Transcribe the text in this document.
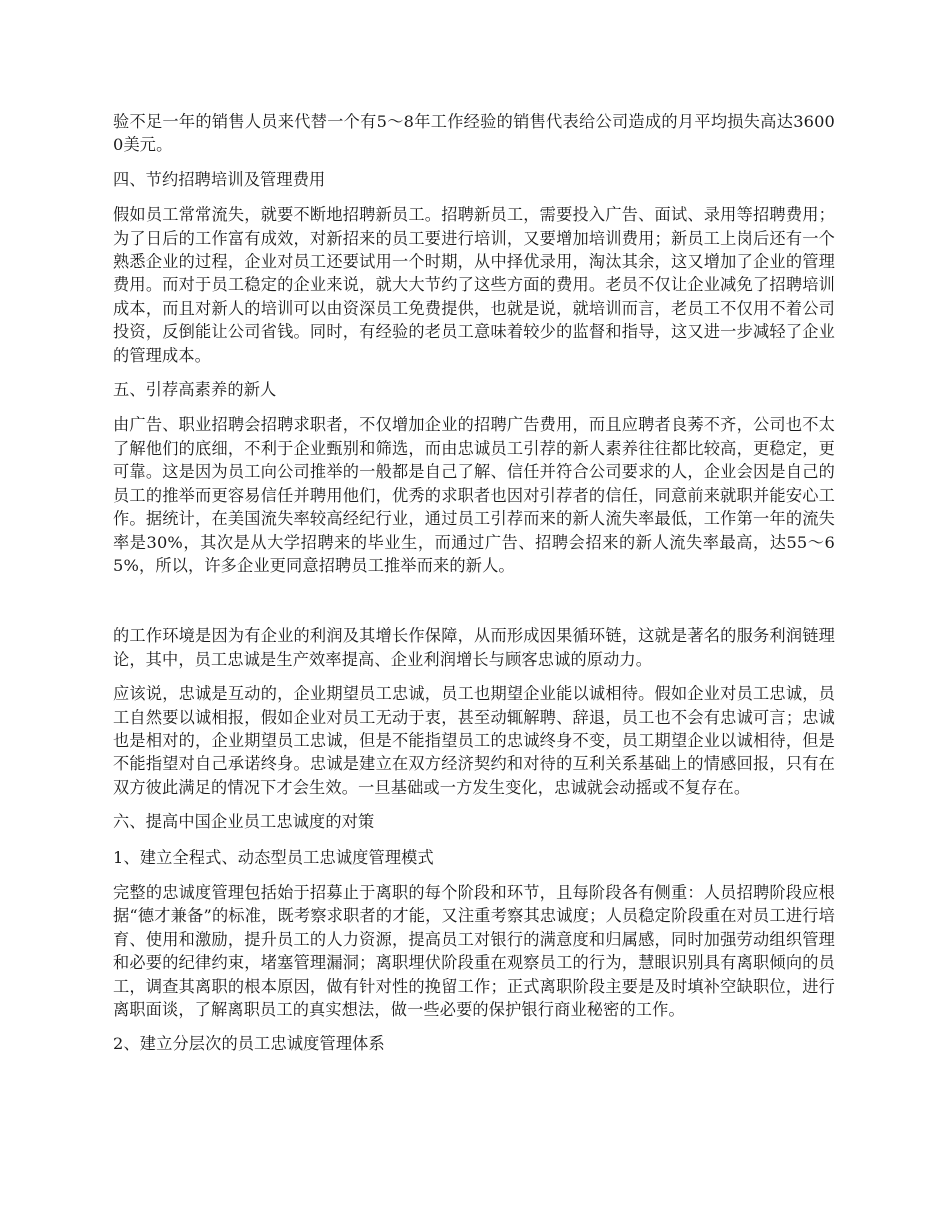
验不足一年的销售人员来代替一个有5～8年工作经验的销售代表给公司造成的月平均损失高达36000美元。

四、节约招聘培训及管理费用

假如员工常常流失，就要不断地招聘新员工。招聘新员工，需要投入广告、面试、录用等招聘费用；为了日后的工作富有成效，对新招来的员工要进行培训，又要增加培训费用；新员工上岗后还有一个熟悉企业的过程，企业对员工还要试用一个时期，从中择优录用，淘汰其余，这又增加了企业的管理费用。而对于员工稳定的企业来说，就大大节约了这些方面的费用。老员不仅让企业减免了招聘培训成本，而且对新人的培训可以由资深员工免费提供，也就是说，就培训而言，老员工不仅用不着公司投资，反倒能让公司省钱。同时，有经验的老员工意味着较少的监督和指导，这又进一步减轻了企业的管理成本。

五、引荐高素养的新人

由广告、职业招聘会招聘求职者，不仅增加企业的招聘广告费用，而且应聘者良莠不齐，公司也不太了解他们的底细，不利于企业甄别和筛选，而由忠诚员工引荐的新人素养往往都比较高，更稳定，更可靠。这是因为员工向公司推举的一般都是自己了解、信任并符合公司要求的人，企业会因是自己的员工的推举而更容易信任并聘用他们，优秀的求职者也因对引荐者的信任，同意前来就职并能安心工作。据统计，在美国流失率较高经纪行业，通过员工引荐而来的新人流失率最低，工作第一年的流失率是30%，其次是从大学招聘来的毕业生，而通过广告、招聘会招来的新人流失率最高，达55～65%，所以，许多企业更同意招聘员工推举而来的新人。

的工作环境是因为有企业的利润及其增长作保障，从而形成因果循环链，这就是著名的服务利润链理论，其中，员工忠诚是生产效率提高、企业利润增长与顾客忠诚的原动力。

应该说，忠诚是互动的，企业期望员工忠诚，员工也期望企业能以诚相待。假如企业对员工忠诚，员工自然要以诚相报，假如企业对员工无动于衷，甚至动辄解聘、辞退，员工也不会有忠诚可言；忠诚也是相对的，企业期望员工忠诚，但是不能指望员工的忠诚终身不变，员工期望企业以诚相待，但是不能指望对自己承诺终身。忠诚是建立在双方经济契约和对待的互利关系基础上的情感回报，只有在双方彼此满足的情况下才会生效。一旦基础或一方发生变化，忠诚就会动摇或不复存在。

六、提高中国企业员工忠诚度的对策

1、建立全程式、动态型员工忠诚度管理模式

完整的忠诚度管理包括始于招募止于离职的每个阶段和环节，且每阶段各有侧重：人员招聘阶段应根据“德才兼备”的标准，既考察求职者的才能，又注重考察其忠诚度；人员稳定阶段重在对员工进行培育、使用和激励，提升员工的人力资源，提高员工对银行的满意度和归属感，同时加强劳动组织管理和必要的纪律约束，堵塞管理漏洞；离职埋伏阶段重在观察员工的行为，慧眼识别具有离职倾向的员工，调查其离职的根本原因，做有针对性的挽留工作；正式离职阶段主要是及时填补空缺职位，进行离职面谈，了解离职员工的真实想法，做一些必要的保护银行商业秘密的工作。

2、建立分层次的员工忠诚度管理体系
